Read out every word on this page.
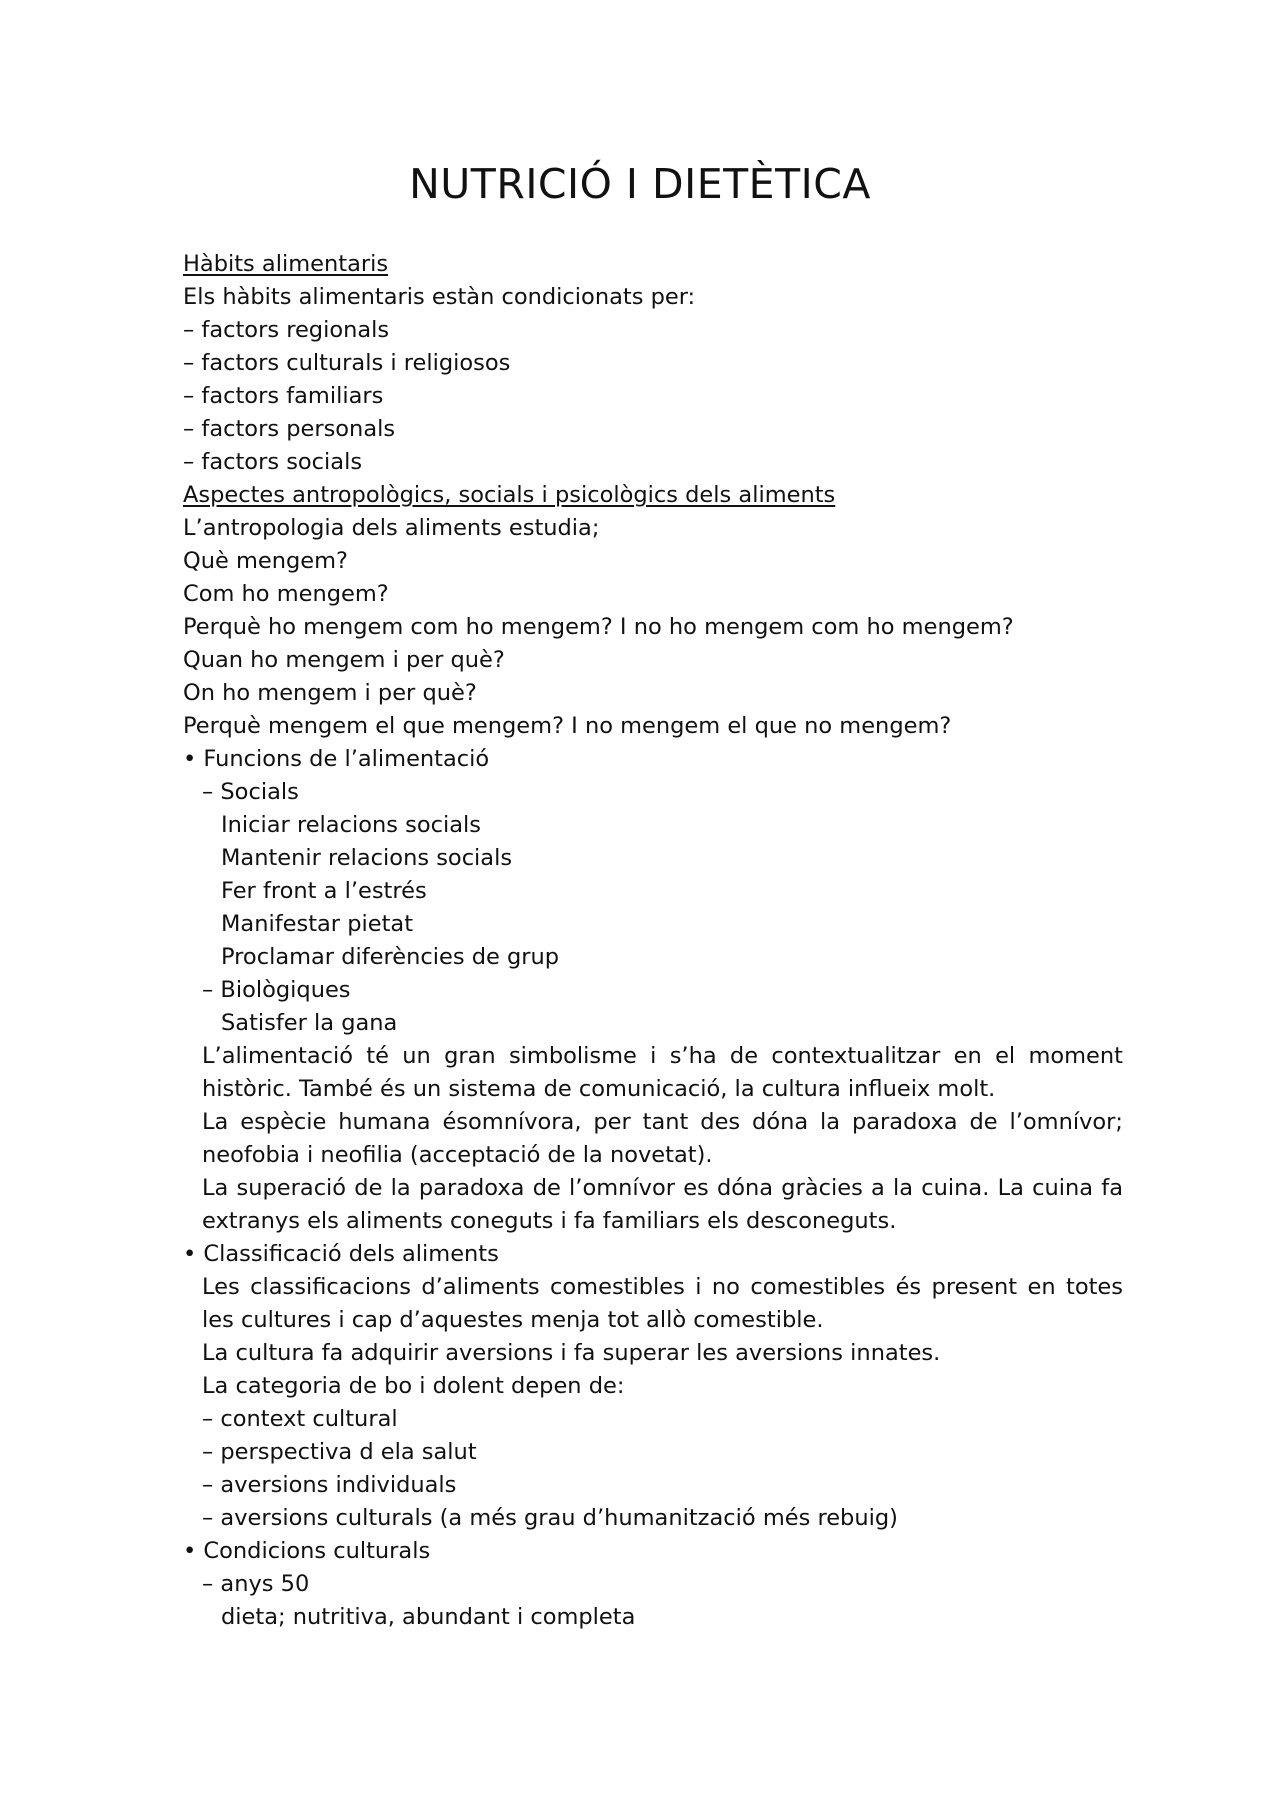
NUTRICIÓ I DIETÈTICA

Hàbits alimentaris

Els hàbits alimentaris estàn condicionats per:

– factors regionals

– factors culturals i religiosos

– factors familiars

– factors personals

– factors socials

Aspectes antropològics, socials i psicològics dels aliments

L’antropologia dels aliments estudia;

Què mengem?

Com ho mengem?

Perquè ho mengem com ho mengem? I no ho mengem com ho mengem?

Quan ho mengem i per què?

On ho mengem i per què?

Perquè mengem el que mengem? I no mengem el que no mengem?

• Funcions de l’alimentació

– Socials

Iniciar relacions socials

Mantenir relacions socials

Fer front a l’estrés

Manifestar pietat

Proclamar diferències de grup

– Biològiques

Satisfer la gana

L’alimentació té un gran simbolisme i s’ha de contextualitzar en el moment

històric. També és un sistema de comunicació, la cultura influeix molt.

La espècie humana ésomnívora, per tant des dóna la paradoxa de l’omnívor;

neofobia i neofilia (acceptació de la novetat).

La superació de la paradoxa de l’omnívor es dóna gràcies a la cuina. La cuina fa

extranys els aliments coneguts i fa familiars els desconeguts.

• Classificació dels aliments

Les classificacions d’aliments comestibles i no comestibles és present en totes

les cultures i cap d’aquestes menja tot allò comestible.

La cultura fa adquirir aversions i fa superar les aversions innates.

La categoria de bo i dolent depen de:

– context cultural

– perspectiva d ela salut

– aversions individuals

– aversions culturals (a més grau d’humanització més rebuig)

• Condicions culturals

– anys 50

dieta; nutritiva, abundant i completa
